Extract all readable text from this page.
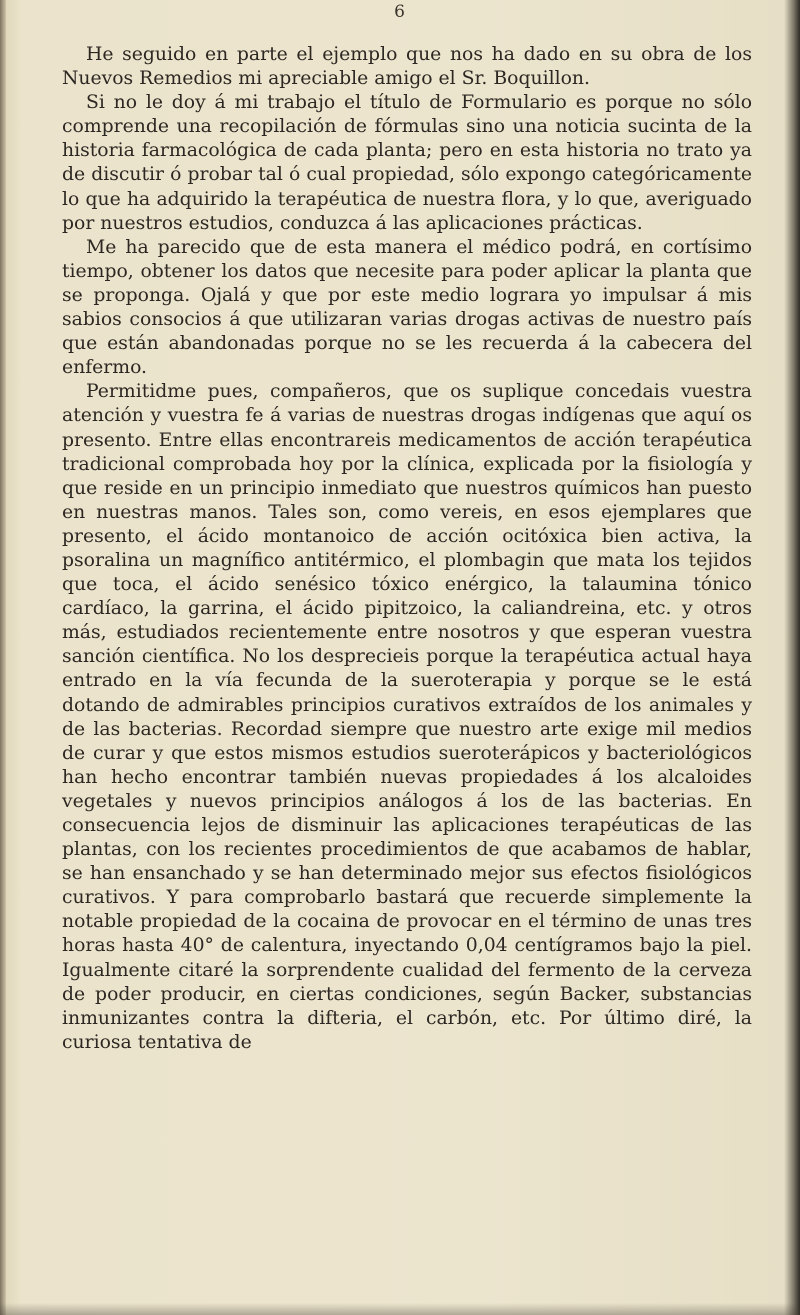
6

He seguido en parte el ejemplo que nos ha dado en su obra de los Nuevos Remedios mi apreciable amigo el Sr. Boquillon.

Si no le doy á mi trabajo el título de Formulario es porque no sólo comprende una recopilación de fórmulas sino una noticia sucinta de la historia farmacológica de cada planta; pero en esta historia no trato ya de discutir ó probar tal ó cual propiedad, sólo expongo categóricamente lo que ha adquirido la terapéutica de nuestra flora, y lo que, averiguado por nuestros estudios, conduzca á las aplicaciones prácticas.

Me ha parecido que de esta manera el médico podrá, en cortísimo tiempo, obtener los datos que necesite para poder aplicar la planta que se proponga. Ojalá y que por este medio lograra yo impulsar á mis sabios consocios á que utilizaran varias drogas activas de nuestro país que están abandonadas porque no se les recuerda á la cabecera del enfermo.

Permitidme pues, compañeros, que os suplique concedais vuestra atención y vuestra fe á varias de nuestras drogas indígenas que aquí os presento. Entre ellas encontrareis medicamentos de acción terapéutica tradicional comprobada hoy por la clínica, explicada por la fisiología y que reside en un principio inmediato que nuestros químicos han puesto en nuestras manos. Tales son, como vereis, en esos ejemplares que presento, el ácido montanoico de acción ocitóxica bien activa, la psoralina un magnífico antitérmico, el plombagin que mata los tejidos que toca, el ácido senésico tóxico enérgico, la talaumina tónico cardíaco, la garrina, el ácido pipitzoico, la caliandreina, etc. y otros más, estudiados recientemente entre nosotros y que esperan vuestra sanción científica. No los desprecieis porque la terapéutica actual haya entrado en la vía fecunda de la sueroterapia y porque se le está dotando de admirables principios curativos extraídos de los animales y de las bacterias. Recordad siempre que nuestro arte exige mil medios de curar y que estos mismos estudios sueroterápicos y bacteriológicos han hecho encontrar también nuevas propiedades á los alcaloides vegetales y nuevos principios análogos á los de las bacterias. En consecuencia lejos de disminuir las aplicaciones terapéuticas de las plantas, con los recientes procedimientos de que acabamos de hablar, se han ensanchado y se han determinado mejor sus efectos fisiológicos curativos. Y para comprobarlo bastará que recuerde simplemente la notable propiedad de la cocaina de provocar en el término de unas tres horas hasta 40° de calentura, inyectando 0,04 centígramos bajo la piel. Igualmente citaré la sorprendente cualidad del fermento de la cerveza de poder producir, en ciertas condiciones, según Backer, substancias inmunizantes contra la difteria, el carbón, etc. Por último diré, la curiosa tentativa de
